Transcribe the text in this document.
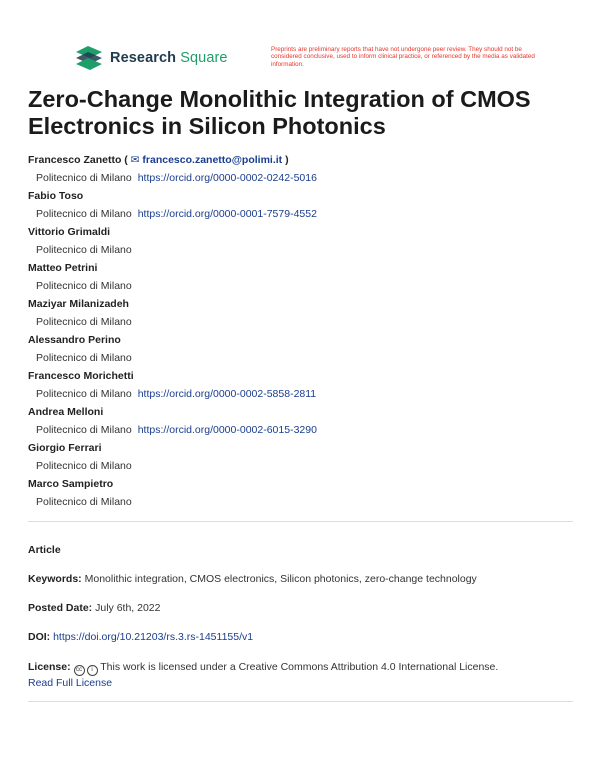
Research Square
Preprints are preliminary reports that have not undergone peer review. They should not be considered conclusive, used to inform clinical practice, or referenced by the media as validated information.
Zero-Change Monolithic Integration of CMOS Electronics in Silicon Photonics
Francesco Zanetto ( ✉ francesco.zanetto@polimi.it )
Politecnico di Milano https://orcid.org/0000-0002-0242-5016
Fabio Toso
Politecnico di Milano https://orcid.org/0000-0001-7579-4552
Vittorio Grimaldi
Politecnico di Milano
Matteo Petrini
Politecnico di Milano
Maziyar Milanizadeh
Politecnico di Milano
Alessandro Perino
Politecnico di Milano
Francesco Morichetti
Politecnico di Milano https://orcid.org/0000-0002-5858-2811
Andrea Melloni
Politecnico di Milano https://orcid.org/0000-0002-6015-3290
Giorgio Ferrari
Politecnico di Milano
Marco Sampietro
Politecnico di Milano
Article
Keywords: Monolithic integration, CMOS electronics, Silicon photonics, zero-change technology
Posted Date: July 6th, 2022
DOI: https://doi.org/10.21203/rs.3.rs-1451155/v1
License: cc i This work is licensed under a Creative Commons Attribution 4.0 International License.
Read Full License
